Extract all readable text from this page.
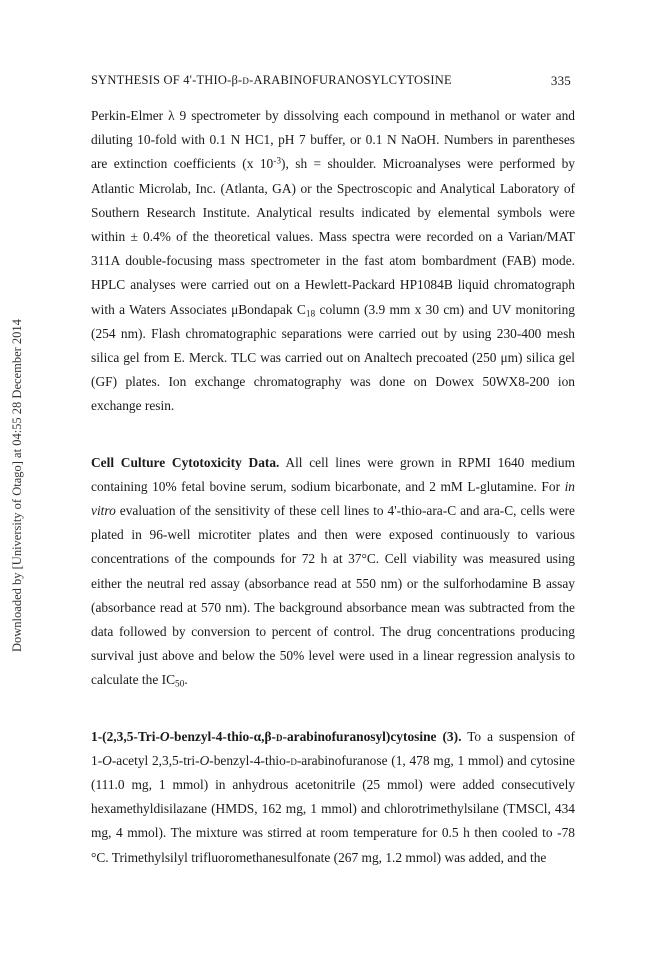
Downloaded by [University of Otago] at 04:55 28 December 2014
SYNTHESIS OF 4'-THIO-β-d-ARABINOFURANOSYLCYTOSINE	335

Perkin-Elmer λ 9 spectrometer by dissolving each compound in methanol or water and diluting 10-fold with 0.1 N HC1, pH 7 buffer, or 0.1 N NaOH. Numbers in parentheses are extinction coefficients (x $10^{-3}$), sh = shoulder. Microanalyses were performed by Atlantic Microlab, Inc. (Atlanta, GA) or the Spectroscopic and Analytical Laboratory of Southern Research Institute. Analytical results indicated by elemental symbols were within ± 0.4% of the theoretical values. Mass spectra were recorded on a Varian/MAT 311A double-focusing mass spectrometer in the fast atom bombardment (FAB) mode. HPLC analyses were carried out on a Hewlett-Packard HP1084B liquid chromatograph with a Waters Associates μBondapak $C_{18}$ column (3.9 mm x 30 cm) and UV monitoring (254 nm). Flash chromatographic separations were carried out by using 230-400 mesh silica gel from E. Merck. TLC was carried out on Analtech precoated (250 μm) silica gel (GF) plates. Ion exchange chromatography was done on Dowex 50WX8-200 ion exchange resin.

Cell Culture Cytotoxicity Data. All cell lines were grown in RPMI 1640 medium containing 10% fetal bovine serum, sodium bicarbonate, and 2 mM L-glutamine. For in vitro evaluation of the sensitivity of these cell lines to 4'-thio-ara-C and ara-C, cells were plated in 96-well microtiter plates and then were exposed continuously to various concentrations of the compounds for 72 h at 37°C. Cell viability was measured using either the neutral red assay (absorbance read at 550 nm) or the sulforhodamine B assay (absorbance read at 570 nm). The background absorbance mean was subtracted from the data followed by conversion to percent of control. The drug concentrations producing survival just above and below the 50% level were used in a linear regression analysis to calculate the $IC_{50}$.

1-(2,3,5-Tri-O-benzyl-4-thio-α,β-d-arabinofuranosyl)cytosine (3). To a suspension of 1-O-acetyl 2,3,5-tri-O-benzyl-4-thio-d-arabinofuranose (1, 478 mg, 1 mmol) and cytosine (111.0 mg, 1 mmol) in anhydrous acetonitrile (25 mmol) were added consecutively hexamethyldisilazane (HMDS, 162 mg, 1 mmol) and chlorotrimethylsilane (TMSCl, 434 mg, 4 mmol). The mixture was stirred at room temperature for 0.5 h then cooled to -78 °C. Trimethylsilyl trifluoromethanesulfonate (267 mg, 1.2 mmol) was added, and the
